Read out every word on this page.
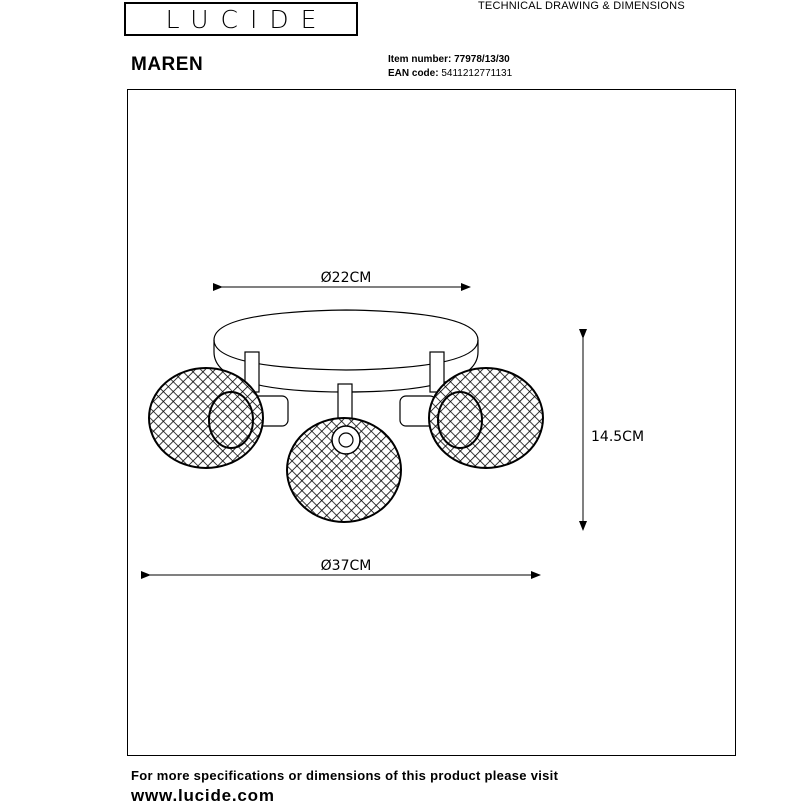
LUCIDE	TECHNICAL DRAWING & DIMENSIONS
MAREN	Item number: 77978/13/30
EAN code: 5411212771131
Ø22CM
14.5CM
Ø37CM
For more specifications or dimensions of this product please visit
www.lucide.com
